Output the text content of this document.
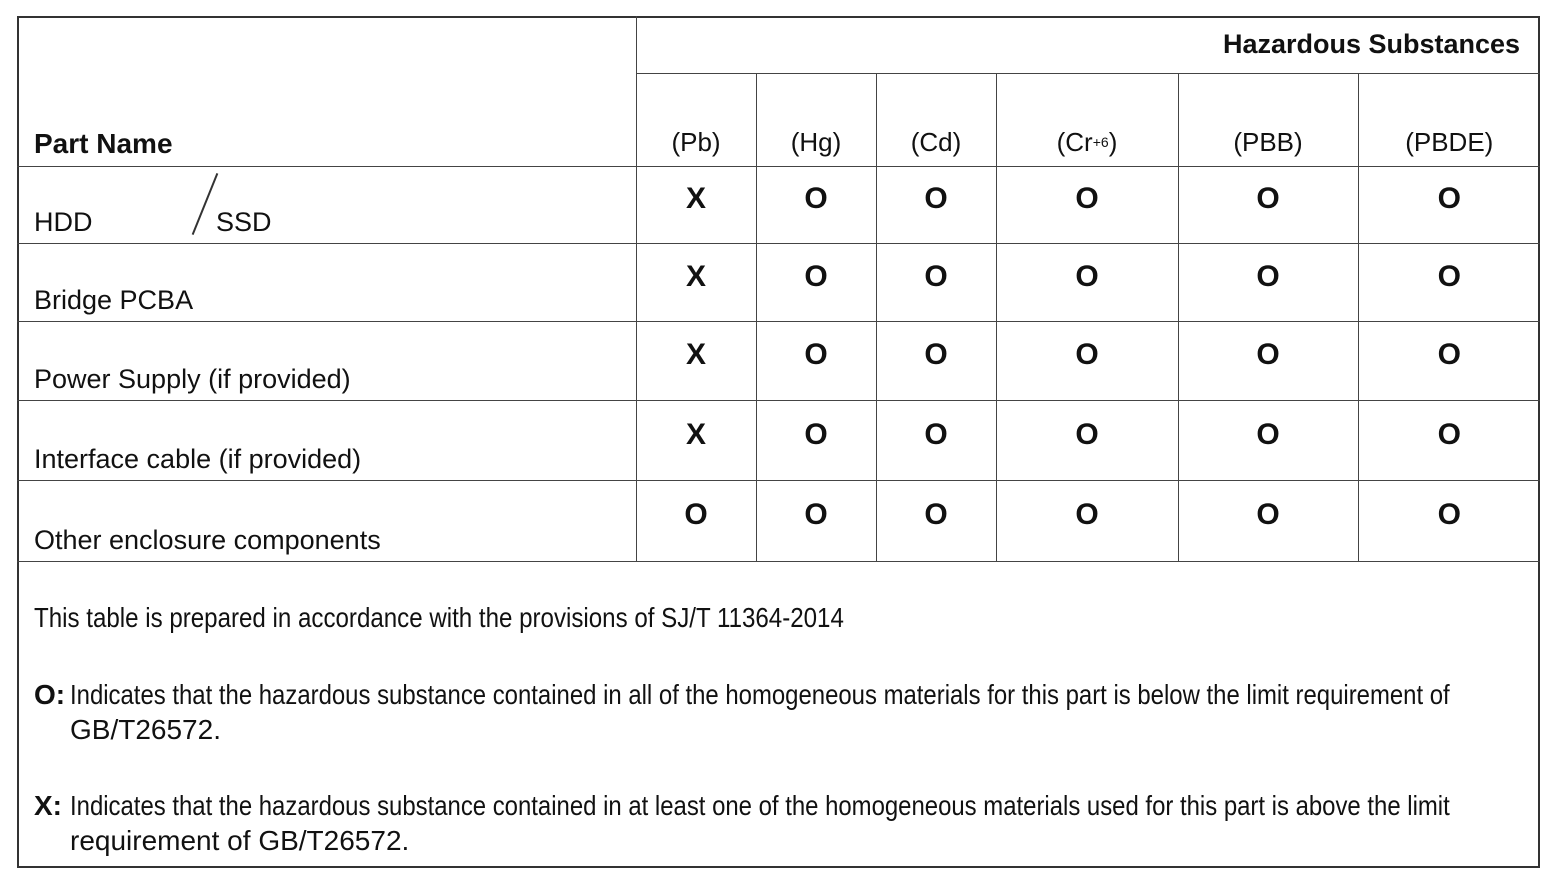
Part Name	Hazardous Substances					
	(Pb)	(Hg)	(Cd)	$(Cr^{+6})$	(PBB)	(PBDE)
HDD SSD	X	O	O	O	O	O
Bridge PCBA	X	O	O	O	O	O
Power Supply (if provided)	X	O	O	O	O	O
Interface cable (if provided)	X	O	O	O	O	O
Other enclosure components	O	O	O	O	O	O
This table is prepared in accordance with the provisions of SJ/T 11364-2014
O: Indicates that the hazardous substance contained in all of the homogeneous materials for this part is below the limit requirement of GB/T26572.
X: Indicates that the hazardous substance contained in at least one of the homogeneous materials used for this part is above the limit requirement of GB/T26572.
